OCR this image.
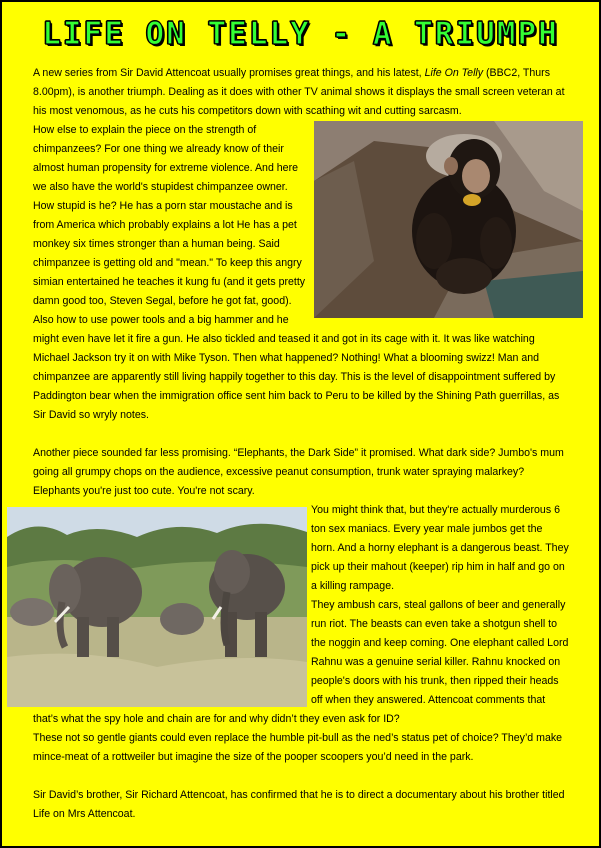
LIFE ON TELLY - A TRIUMPH

A new series from Sir David Attencoat usually promises great things, and his latest, Life On Telly (BBC2, Thurs 8.00pm), is another triumph. Dealing as it does with other TV animal shows it displays the small screen veteran at his most venomous, as he cuts his competitors down with scathing wit and cutting sarcasm.

How else to explain the piece on the strength of chimpanzees? For one thing we already know of their almost human propensity for extreme violence. And here we also have the world's stupidest chimpanzee owner. How stupid is he? He has a porn star moustache and is from America which probably explains a lot He has a pet monkey six times stronger than a human being. Said chimpanzee is getting old and "mean." To keep this angry simian entertained he teaches it kung fu (and it gets pretty damn good too, Steven Segal, before he got fat, good). Also how to use power tools and a big hammer and he might even have let it fire a gun. He also tickled and teased it and got in its cage with it. It was like watching Michael Jackson try it on with Mike Tyson. Then what happened? Nothing! What a blooming swizz! Man and chimpanzee are apparently still living happily together to this day. This is the level of disappointment suffered by Paddington bear when the immigration office sent him back to Peru to be killed by the Shining Path guerrillas, as Sir David so wryly notes.

Another piece sounded far less promising. “Elephants, the Dark Side” it promised. What dark side? Jumbo's mum going all grumpy chops on the audience, excessive peanut consumption, trunk water spraying malarkey? Elephants you're just too cute. You're not scary.

You might think that, but they're actually murderous 6 ton sex maniacs. Every year male jumbos get the horn. And a horny elephant is a dangerous beast. They pick up their mahout (keeper) rip him in half and go on a killing rampage.

They ambush cars, steal gallons of beer and generally run riot. The beasts can even take a shotgun shell to the noggin and keep coming. One elephant called Lord Rahnu was a genuine serial killer. Rahnu knocked on people's doors with his trunk, then ripped their heads off when they answered. Attencoat comments that that’s what the spy hole and chain are for and why didn’t they even ask for ID?

These not so gentle giants could even replace the humble pit-bull as the ned’s status pet of choice? They’d make mince-meat of a rottweiler but imagine the size of the pooper scoopers you’d need in the park.

Sir David’s brother, Sir Richard Attencoat, has confirmed that he is to direct a documentary about his brother titled Life on Mrs Attencoat.
